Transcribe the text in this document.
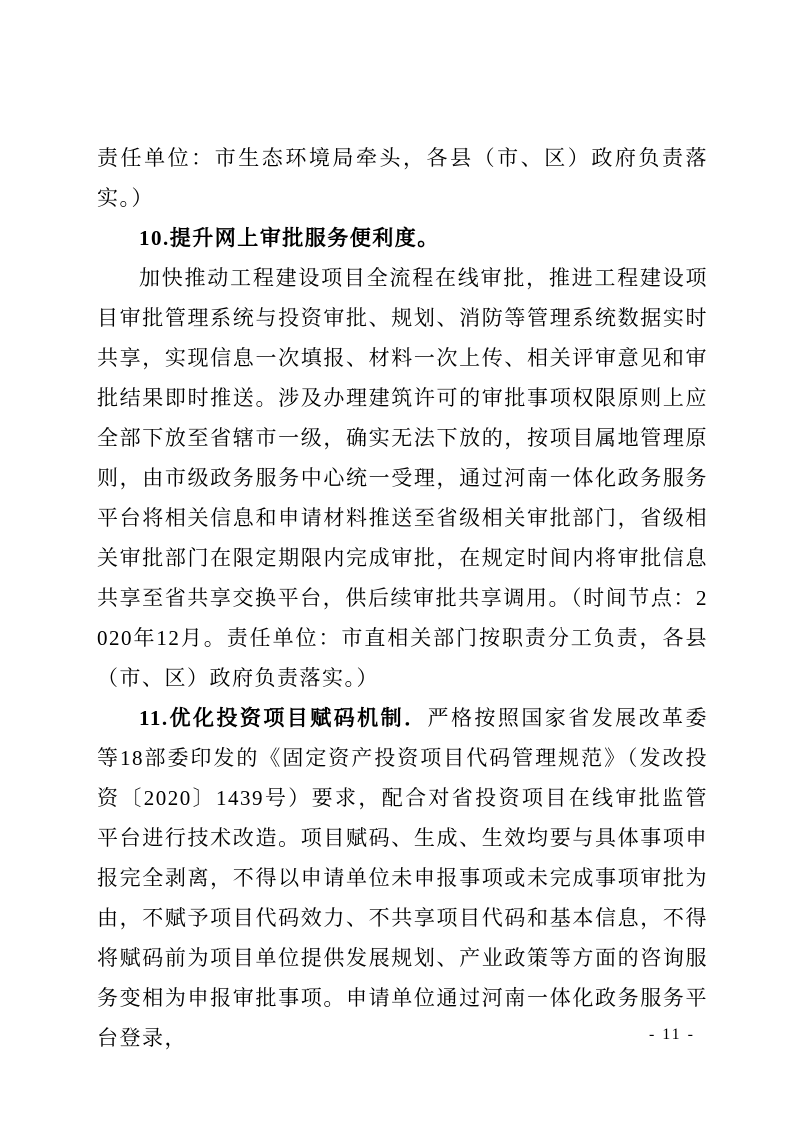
责任单位：市生态环境局牵头，各县（市、区）政府负责落实。）

10.提升网上审批服务便利度。

加快推动工程建设项目全流程在线审批，推进工程建设项目审批管理系统与投资审批、规划、消防等管理系统数据实时共享，实现信息一次填报、材料一次上传、相关评审意见和审批结果即时推送。涉及办理建筑许可的审批事项权限原则上应全部下放至省辖市一级，确实无法下放的，按项目属地管理原则，由市级政务服务中心统一受理，通过河南一体化政务服务平台将相关信息和申请材料推送至省级相关审批部门，省级相关审批部门在限定期限内完成审批，在规定时间内将审批信息共享至省共享交换平台，供后续审批共享调用。（时间节点：2020年12月。责任单位：市直相关部门按职责分工负责，各县（市、区）政府负责落实。）

11.优化投资项目赋码机制．严格按照国家省发展改革委等18部委印发的《固定资产投资项目代码管理规范》（发改投资〔2020〕1439号）要求，配合对省投资项目在线审批监管平台进行技术改造。项目赋码、生成、生效均要与具体事项申报完全剥离，不得以申请单位未申报事项或未完成事项审批为由，不赋予项目代码效力、不共享项目代码和基本信息，不得将赋码前为项目单位提供发展规划、产业政策等方面的咨询服务变相为申报审批事项。申请单位通过河南一体化政务服务平台登录，	- 11 -
